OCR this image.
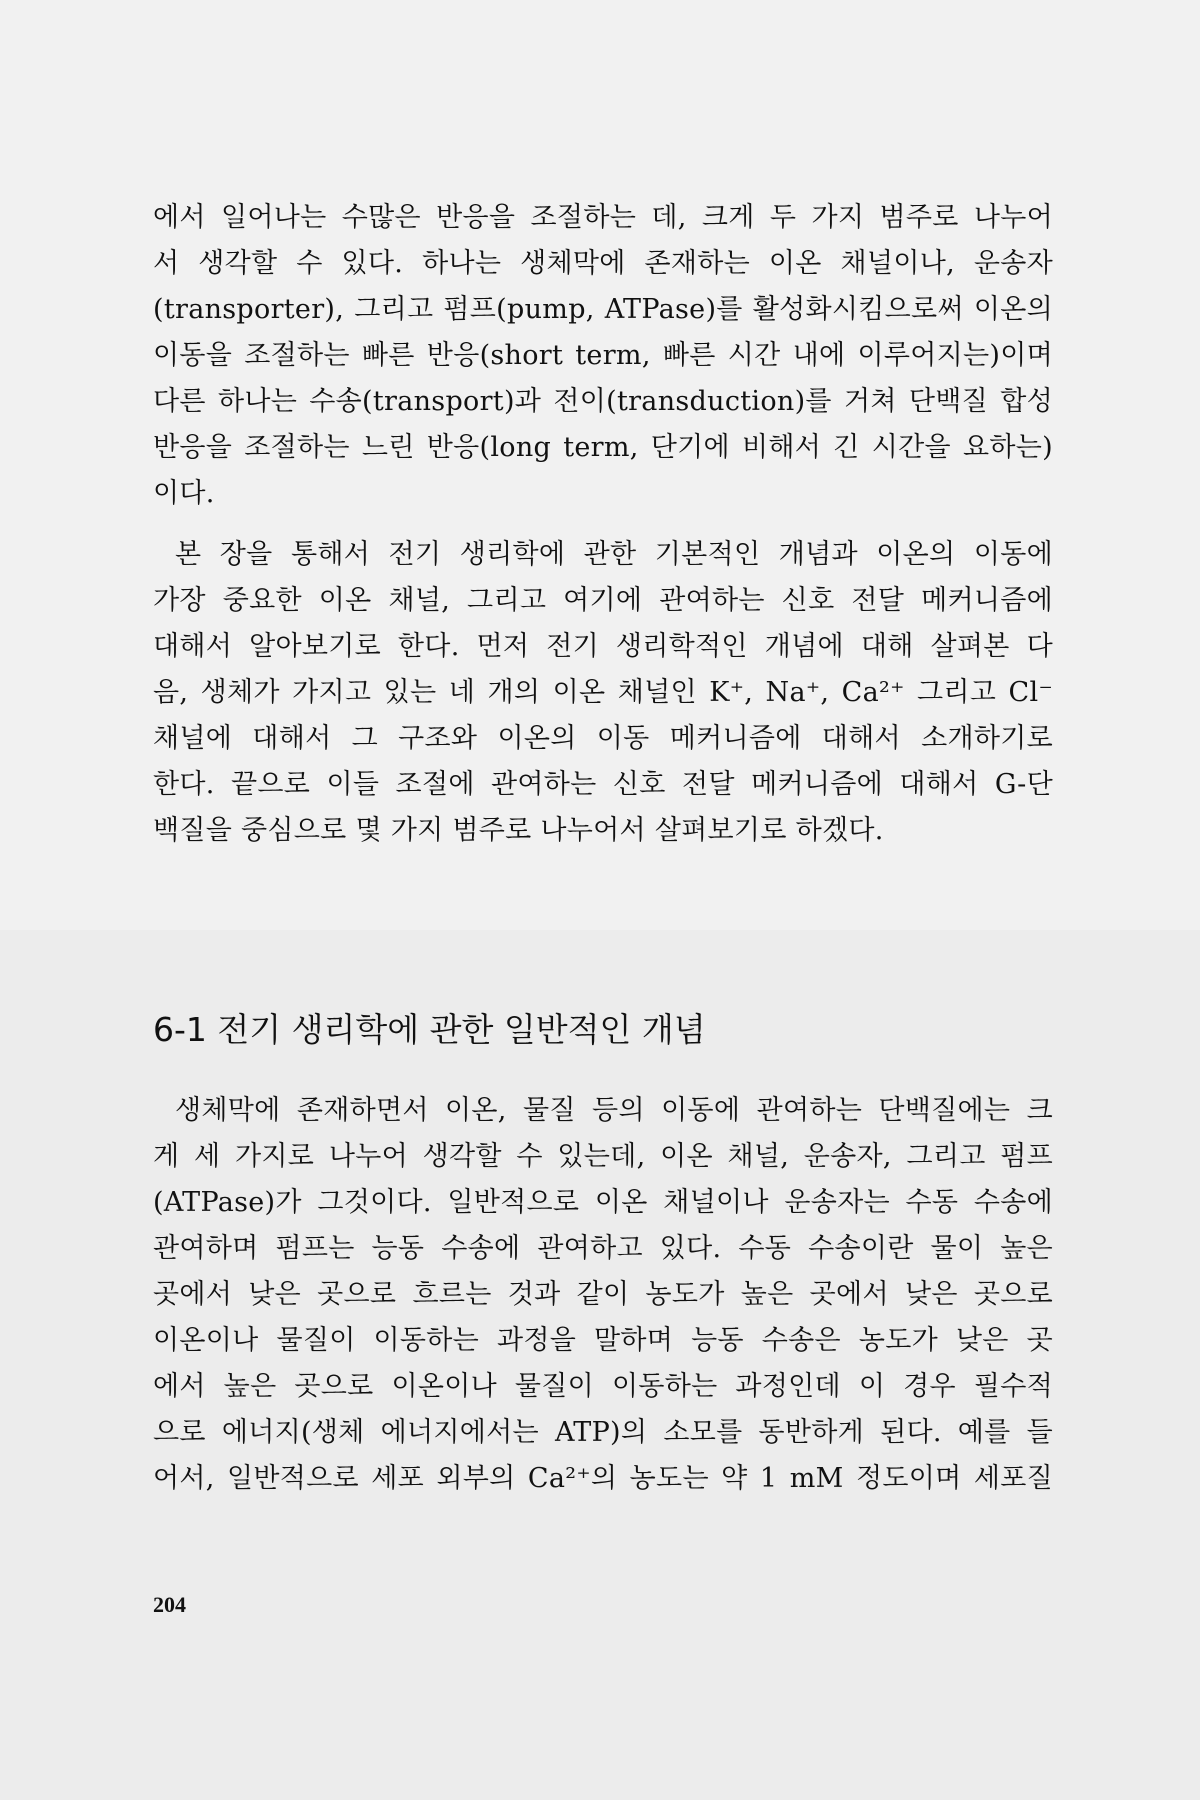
에서 일어나는 수많은 반응을 조절하는 데, 크게 두 가지 범주로 나누어
서 생각할 수 있다. 하나는 생체막에 존재하는 이온 채널이나, 운송자
(transporter), 그리고 펌프(pump, ATPase)를 활성화시킴으로써 이온의
이동을 조절하는 빠른 반응(short term, 빠른 시간 내에 이루어지는)이며
다른 하나는 수송(transport)과 전이(transduction)를 거쳐 단백질 합성
반응을 조절하는 느린 반응(long term, 단기에 비해서 긴 시간을 요하는)
이다.
본 장을 통해서 전기 생리학에 관한 기본적인 개념과 이온의 이동에
가장 중요한 이온 채널, 그리고 여기에 관여하는 신호 전달 메커니즘에
대해서 알아보기로 한다. 먼저 전기 생리학적인 개념에 대해 살펴본 다
음, 생체가 가지고 있는 네 개의 이온 채널인 K⁺, Na⁺, Ca²⁺ 그리고 Cl⁻
채널에 대해서 그 구조와 이온의 이동 메커니즘에 대해서 소개하기로
한다. 끝으로 이들 조절에 관여하는 신호 전달 메커니즘에 대해서 G-단
백질을 중심으로 몇 가지 범주로 나누어서 살펴보기로 하겠다.
6-1 전기 생리학에 관한 일반적인 개념
생체막에 존재하면서 이온, 물질 등의 이동에 관여하는 단백질에는 크
게 세 가지로 나누어 생각할 수 있는데, 이온 채널, 운송자, 그리고 펌프
(ATPase)가 그것이다. 일반적으로 이온 채널이나 운송자는 수동 수송에
관여하며 펌프는 능동 수송에 관여하고 있다. 수동 수송이란 물이 높은
곳에서 낮은 곳으로 흐르는 것과 같이 농도가 높은 곳에서 낮은 곳으로
이온이나 물질이 이동하는 과정을 말하며 능동 수송은 농도가 낮은 곳
에서 높은 곳으로 이온이나 물질이 이동하는 과정인데 이 경우 필수적
으로 에너지(생체 에너지에서는 ATP)의 소모를 동반하게 된다. 예를 들
어서, 일반적으로 세포 외부의 Ca²⁺의 농도는 약 1 mM 정도이며 세포질
204
